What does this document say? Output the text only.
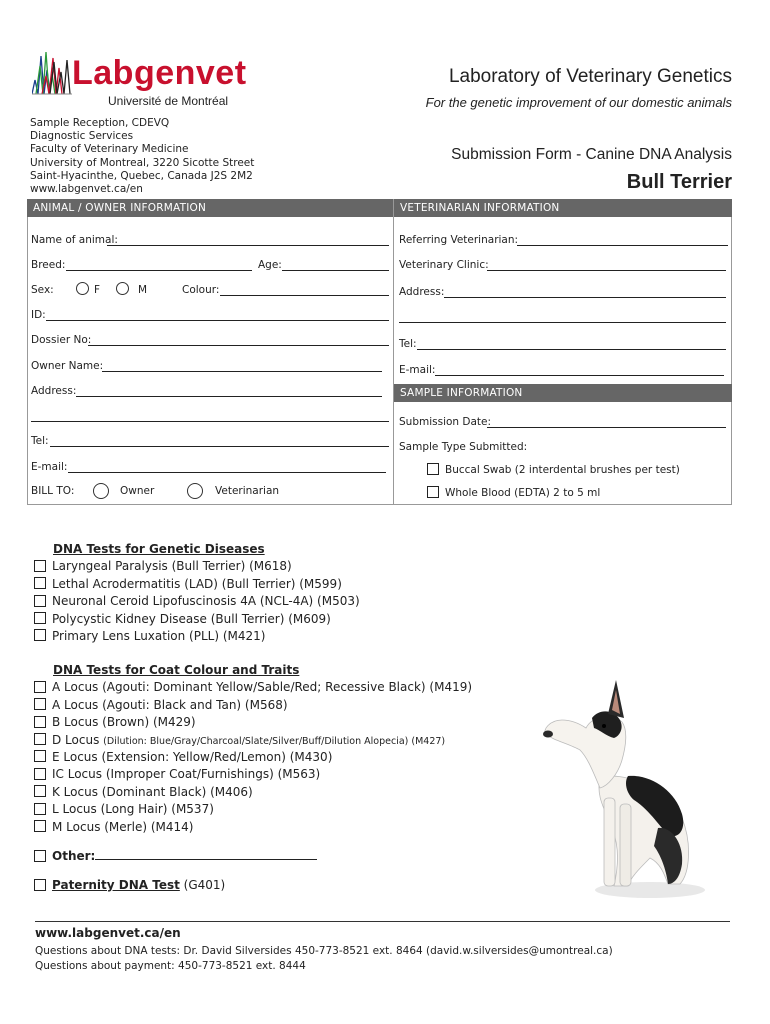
Labgenvet
Université de Montréal
Laboratory of Veterinary Genetics
For the genetic improvement of our domestic animals
Sample Reception, CDEVQ
Diagnostic Services
Faculty of Veterinary Medicine
University of Montreal, 3220 Sicotte Street
Saint-Hyacinthe, Quebec, Canada J2S 2M2
www.labgenvet.ca/en
Submission Form - Canine DNA Analysis
Bull Terrier
ANIMAL / OWNER INFORMATION	VETERINARIAN INFORMATION
Name of animal:
Breed:	Age:
Sex:	F	M	Colour:
ID:
Dossier No:
Owner Name:
Address:
Tel:
E-mail:
BILL TO:	Owner	Veterinarian
Referring Veterinarian:
Veterinary Clinic:
Address:
Tel:
E-mail:
SAMPLE INFORMATION
Submission Date:
Sample Type Submitted:
Buccal Swab (2 interdental brushes per test)
Whole Blood (EDTA) 2 to 5 ml
DNA Tests for Genetic Diseases
Laryngeal Paralysis (Bull Terrier) (M618)
Lethal Acrodermatitis (LAD) (Bull Terrier) (M599)
Neuronal Ceroid Lipofuscinosis 4A (NCL-4A) (M503)
Polycystic Kidney Disease (Bull Terrier) (M609)
Primary Lens Luxation (PLL) (M421)
DNA Tests for Coat Colour and Traits
A Locus (Agouti: Dominant Yellow/Sable/Red; Recessive Black) (M419)
A Locus (Agouti: Black and Tan) (M568)
B Locus (Brown) (M429)
D Locus (Dilution: Blue/Gray/Charcoal/Slate/Silver/Buff/Dilution Alopecia) (M427)
E Locus (Extension: Yellow/Red/Lemon) (M430)
IC Locus (Improper Coat/Furnishings) (M563)
K Locus (Dominant Black) (M406)
L Locus (Long Hair) (M537)
M Locus (Merle) (M414)
Other:
Paternity DNA Test (G401)
www.labgenvet.ca/en
Questions about DNA tests: Dr. David Silversides 450-773-8521 ext. 8464 (david.w.silversides@umontreal.ca)
Questions about payment: 450-773-8521 ext. 8444
